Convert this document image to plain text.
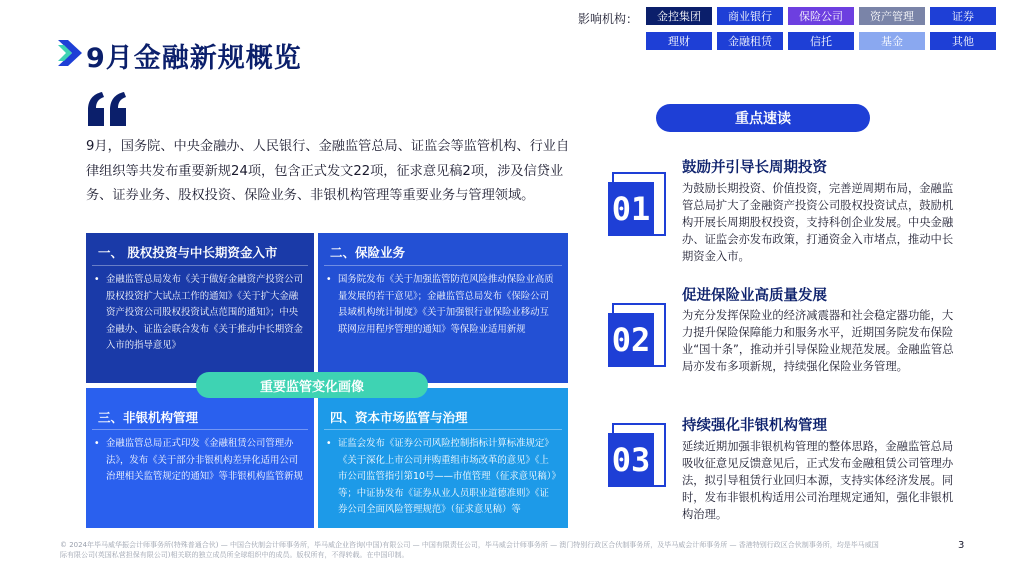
9月金融新规概览
影响机构：	金控集团	商业银行	保险公司	资产管理	证券
理财	金融租赁	信托	基金	其他
9月，国务院、中央金融办、人民银行、金融监管总局、证监会等监管机构、行业自律组织等共发布重要新规24项，包含正式发文22项，征求意见稿2项，涉及信贷业务、证券业务、股权投资、保险业务、非银机构管理等重要业务与管理领域。
一、 股权投资与中长期资金入市
• 金融监管总局发布《关于做好金融资产投资公司股权投资扩大试点工作的通知》《关于扩大金融资产投资公司股权投资试点范围的通知》；中央金融办、证监会联合发布《关于推动中长期资金入市的指导意见》
二、保险业务
• 国务院发布《关于加强监管防范风险推动保险业高质量发展的若干意见》；金融监管总局发布《保险公司县域机构统计制度》《关于加强银行业保险业移动互联网应用程序管理的通知》等保险业适用新规
三、非银机构管理
• 金融监管总局正式印发《金融租赁公司管理办法》，发布《关于部分非银机构差异化适用公司治理相关监管规定的通知》等非银机构监管新规
四、资本市场监管与治理
• 证监会发布《证券公司风险控制指标计算标准规定》《关于深化上市公司并购重组市场改革的意见》《上市公司监管指引第10号——市值管理（征求意见稿）》等；中证协发布《证券从业人员职业道德准则》《证券公司全面风险管理规范》（征求意见稿）等
重要监管变化画像
重点速读
01
鼓励并引导长周期投资
为鼓励长期投资、价值投资，完善逆周期布局，金融监管总局扩大了金融资产投资公司股权投资试点，鼓励机构开展长周期股权投资，支持科创企业发展。中央金融办、证监会亦发布政策，打通资金入市堵点，推动中长期资金入市。
02
促进保险业高质量发展
为充分发挥保险业的经济减震器和社会稳定器功能，大力提升保险保障能力和服务水平，近期国务院发布保险业“国十条”，推动并引导保险业规范发展。金融监管总局亦发布多项新规，持续强化保险业务管理。
03
持续强化非银机构管理
延续近期加强非银机构管理的整体思路，金融监管总局吸收征意见反馈意见后，正式发布金融租赁公司管理办法，拟引导租赁行业回归本源，支持实体经济发展。同时，发布非银机构适用公司治理规定通知，强化非银机构治理。
© 2024年毕马威华振会计师事务所(特殊普通合伙) — 中国合伙制会计师事务所，毕马威企业咨询(中国)有限公司 — 中国有限责任公司，毕马威会计师事务所 — 澳门特别行政区合伙制事务所，及毕马威会计师事务所 — 香港特别行政区合伙制事务所，均是毕马威国际有限公司(英国私营担保有限公司)相关联的独立成员所全球组织中的成员。版权所有，不得转载。在中国印制。
3
